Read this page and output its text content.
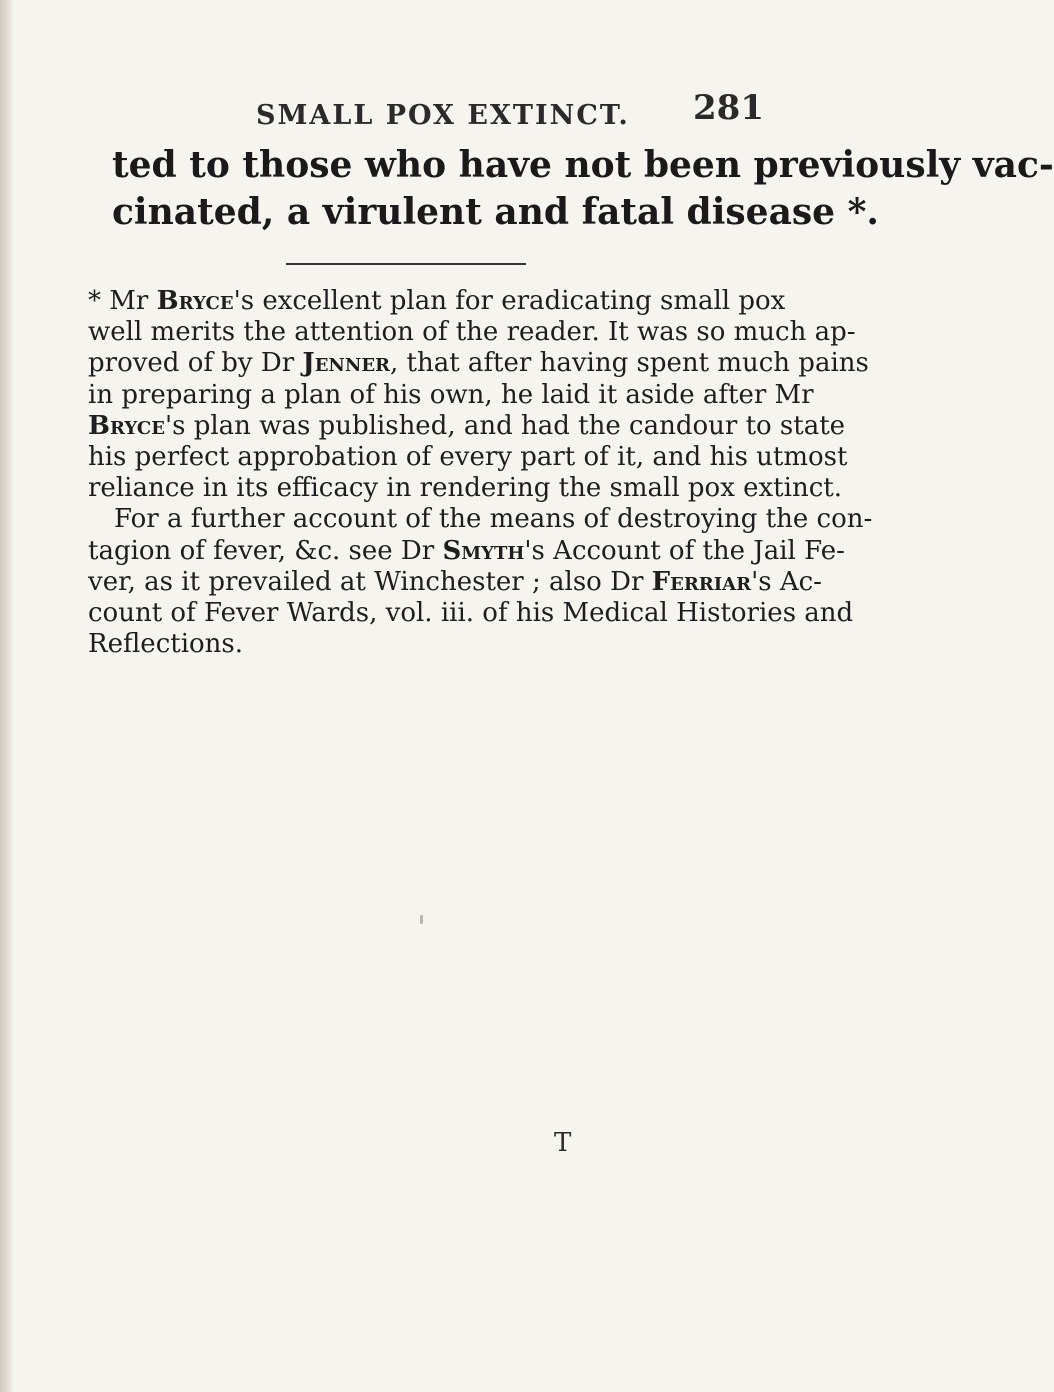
SMALL POX EXTINCT. 281
ted to those who have not been previously vac-
cinated, a virulent and fatal disease *.
* Mr Bryce's excellent plan for eradicating small pox
well merits the attention of the reader. It was so much ap-
proved of by Dr Jenner, that after having spent much pains
in preparing a plan of his own, he laid it aside after Mr
Bryce's plan was published, and had the candour to state
his perfect approbation of every part of it, and his utmost
reliance in its efficacy in rendering the small pox extinct.
For a further account of the means of destroying the con-
tagion of fever, &c. see Dr Smyth's Account of the Jail Fe-
ver, as it prevailed at Winchester ; also Dr Ferriar's Ac-
count of Fever Wards, vol. iii. of his Medical Histories and
Reflections.
T
